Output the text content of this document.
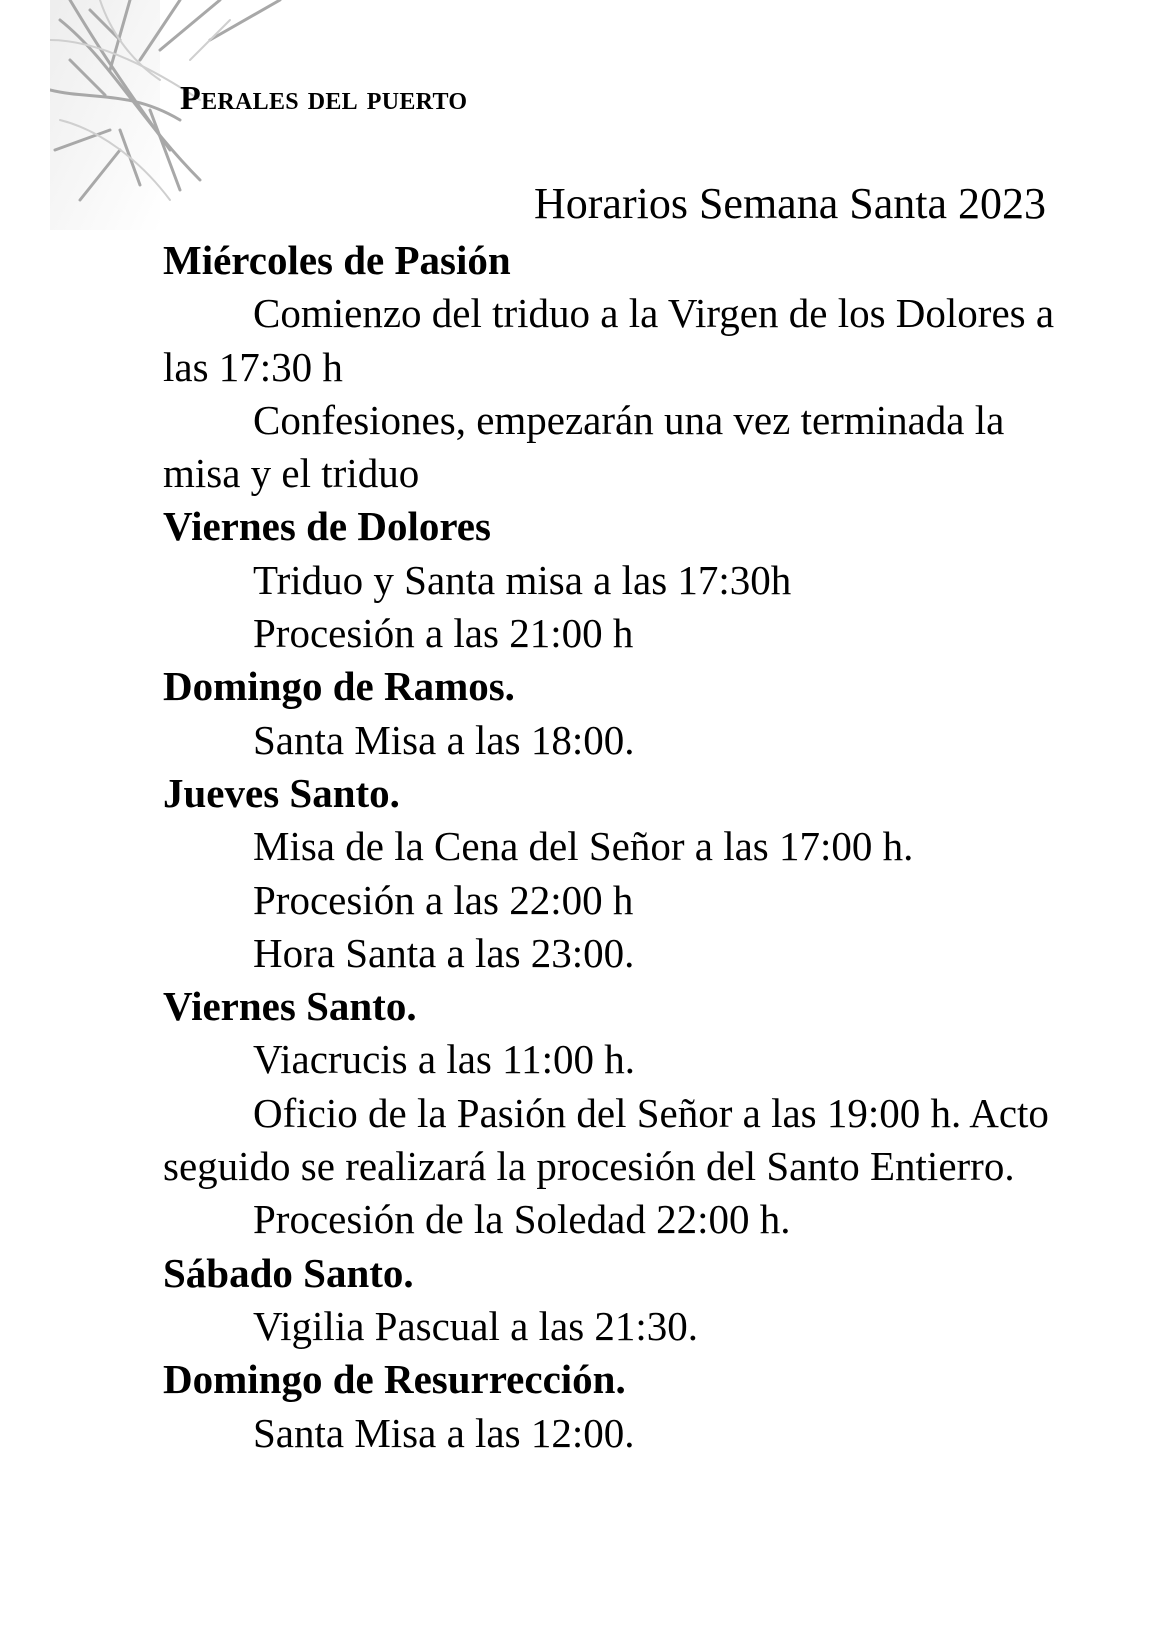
Perales del puerto
Horarios Semana Santa 2023
Miércoles de Pasión
Comienzo del triduo a la Virgen de los Dolores a las 17:30 h
Confesiones, empezarán una vez terminada la misa y el triduo
Viernes de Dolores
Triduo y Santa misa a las 17:30h
Procesión a las 21:00 h
Domingo de Ramos.
Santa Misa a las 18:00.
Jueves Santo.
Misa de la Cena del Señor a las 17:00 h.
Procesión a las 22:00 h
Hora Santa a las 23:00.
Viernes Santo.
Viacrucis a las 11:00 h.
Oficio de la Pasión del Señor a las 19:00 h. Acto seguido se realizará la procesión del Santo Entierro.
Procesión de la Soledad 22:00 h.
Sábado Santo.
Vigilia Pascual a las 21:30.
Domingo de Resurrección.
Santa Misa a las 12:00.
